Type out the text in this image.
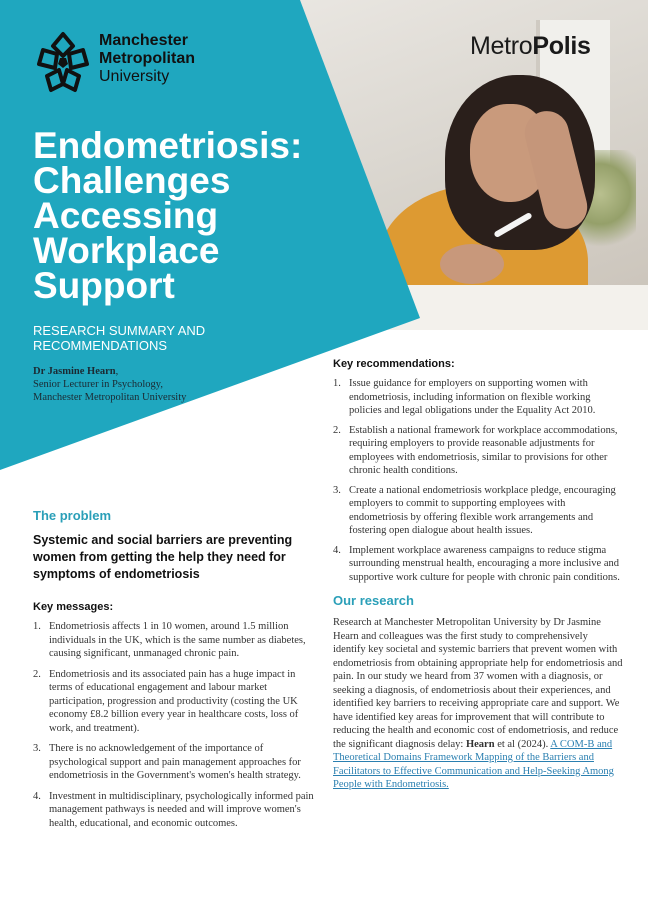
Manchester
Metropolitan
University
MetroPolis
Endometriosis:
Challenges
Accessing
Workplace
Support
RESEARCH SUMMARY AND RECOMMENDATIONS
Dr Jasmine Hearn,
Senior Lecturer in Psychology,
Manchester Metropolitan University
The problem

Systemic and social barriers are preventing women from getting the help they need for symptoms of endometriosis

Key messages:
1. Endometriosis affects 1 in 10 women, around 1.5 million individuals in the UK, which is the same number as diabetes, causing significant, unmanaged chronic pain.
2. Endometriosis and its associated pain has a huge impact in terms of educational engagement and labour market participation, progression and productivity (costing the UK economy £8.2 billion every year in healthcare costs, loss of work, and treatment).
3. There is no acknowledgement of the importance of psychological support and pain management approaches for endometriosis in the Government's women's health strategy.
4. Investment in multidisciplinary, psychologically informed pain management pathways is needed and will improve women's health, educational, and economic outcomes.
Key recommendations:
1. Issue guidance for employers on supporting women with endometriosis, including information on flexible working policies and legal obligations under the Equality Act 2010.
2. Establish a national framework for workplace accommodations, requiring employers to provide reasonable adjustments for employees with endometriosis, similar to provisions for other chronic health conditions.
3. Create a national endometriosis workplace pledge, encouraging employers to commit to supporting employees with endometriosis by offering flexible work arrangements and fostering open dialogue about health issues.
4. Implement workplace awareness campaigns to reduce stigma surrounding menstrual health, encouraging a more inclusive and supportive work culture for people with chronic pain conditions.
Our research

Research at Manchester Metropolitan University by Dr Jasmine Hearn and colleagues was the first study to comprehensively identify key societal and systemic barriers that prevent women with endometriosis from obtaining appropriate help for endometriosis and pain. In our study we heard from 37 women with a diagnosis, or seeking a diagnosis, of endometriosis about their experiences, and identified key barriers to receiving appropriate care and support. We have identified key areas for improvement that will contribute to reducing the health and economic cost of endometriosis, and reduce the significant diagnosis delay: Hearn et al (2024). A COM-B and Theoretical Domains Framework Mapping of the Barriers and Facilitators to Effective Communication and Help-Seeking Among People with Endometriosis.
